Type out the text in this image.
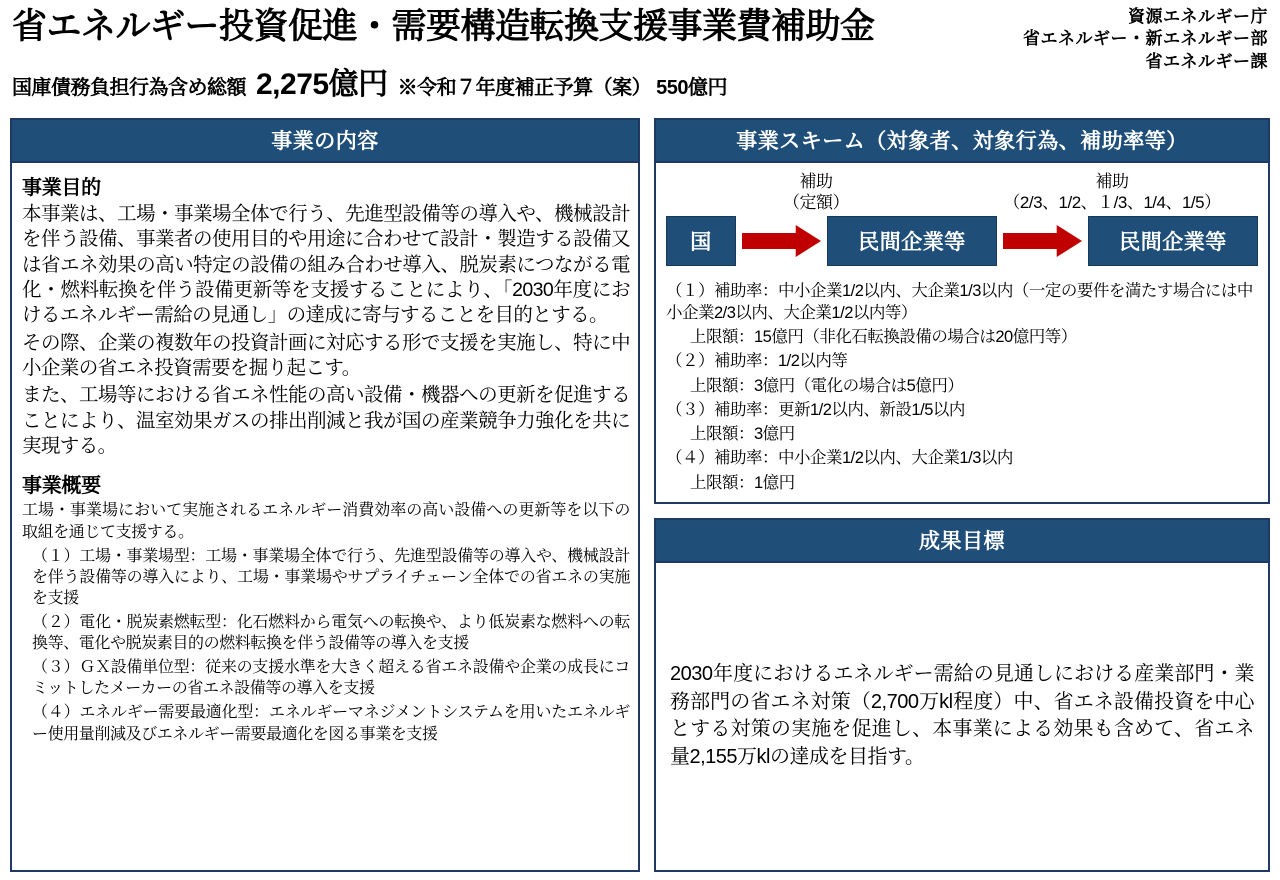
資源エネルギー庁
省エネルギー・新エネルギー部
省エネルギー課
省エネルギー投資促進・需要構造転換支援事業費補助金
国庫債務負担行為含め総額 2,275億円 ※令和７年度補正予算（案） 550億円
事業の内容
事業目的

本事業は、工場・事業場全体で行う、先進型設備等の導入や、機械設計を伴う設備、事業者の使用目的や用途に合わせて設計・製造する設備又は省エネ効果の高い特定の設備の組み合わせ導入、脱炭素につながる電化・燃料転換を伴う設備更新等を支援することにより、「2030年度におけるエネルギー需給の見通し」の達成に寄与することを目的とする。

その際、企業の複数年の投資計画に対応する形で支援を実施し、特に中小企業の省エネ投資需要を掘り起こす。

また、工場等における省エネ性能の高い設備・機器への更新を促進することにより、温室効果ガスの排出削減と我が国の産業競争力強化を共に実現する。

事業概要

工場・事業場において実施されるエネルギー消費効率の高い設備への更新等を以下の取組を通じて支援する。

（１）工場・事業場型：工場・事業場全体で行う、先進型設備等の導入や、機械設計を伴う設備等の導入により、工場・事業場やサプライチェーン全体での省エネの実施を支援

（２）電化・脱炭素燃転型：化石燃料から電気への転換や、より低炭素な燃料への転換等、電化や脱炭素目的の燃料転換を伴う設備等の導入を支援

（３）ＧＸ設備単位型：従来の支援水準を大きく超える省エネ設備や企業の成長にコミットしたメーカーの省エネ設備等の導入を支援

（４）エネルギー需要最適化型：エネルギーマネジメントシステムを用いたエネルギー使用量削減及びエネルギー需要最適化を図る事業を支援

事業スキーム（対象者、対象行為、補助率等）
補助
（定額）
補助
（2/3、1/2、１/3、1/4、1/5）
国	民間企業等	民間企業等
（１）補助率：中小企業1/2以内、大企業1/3以内（一定の要件を満たす場合には中小企業2/3以内、大企業1/2以内等）
上限額：15億円（非化石転換設備の場合は20億円等）
（２）補助率：1/2以内等
上限額：3億円（電化の場合は5億円）
（３）補助率：更新1/2以内、新設1/5以内
上限額：3億円
（４）補助率：中小企業1/2以内、大企業1/3以内
上限額：1億円
成果目標
2030年度におけるエネルギー需給の見通しにおける産業部門・業務部門の省エネ対策（2,700万kl程度）中、省エネ設備投資を中心とする対策の実施を促進し、本事業による効果も含めて、省エネ量2,155万klの達成を目指す。
